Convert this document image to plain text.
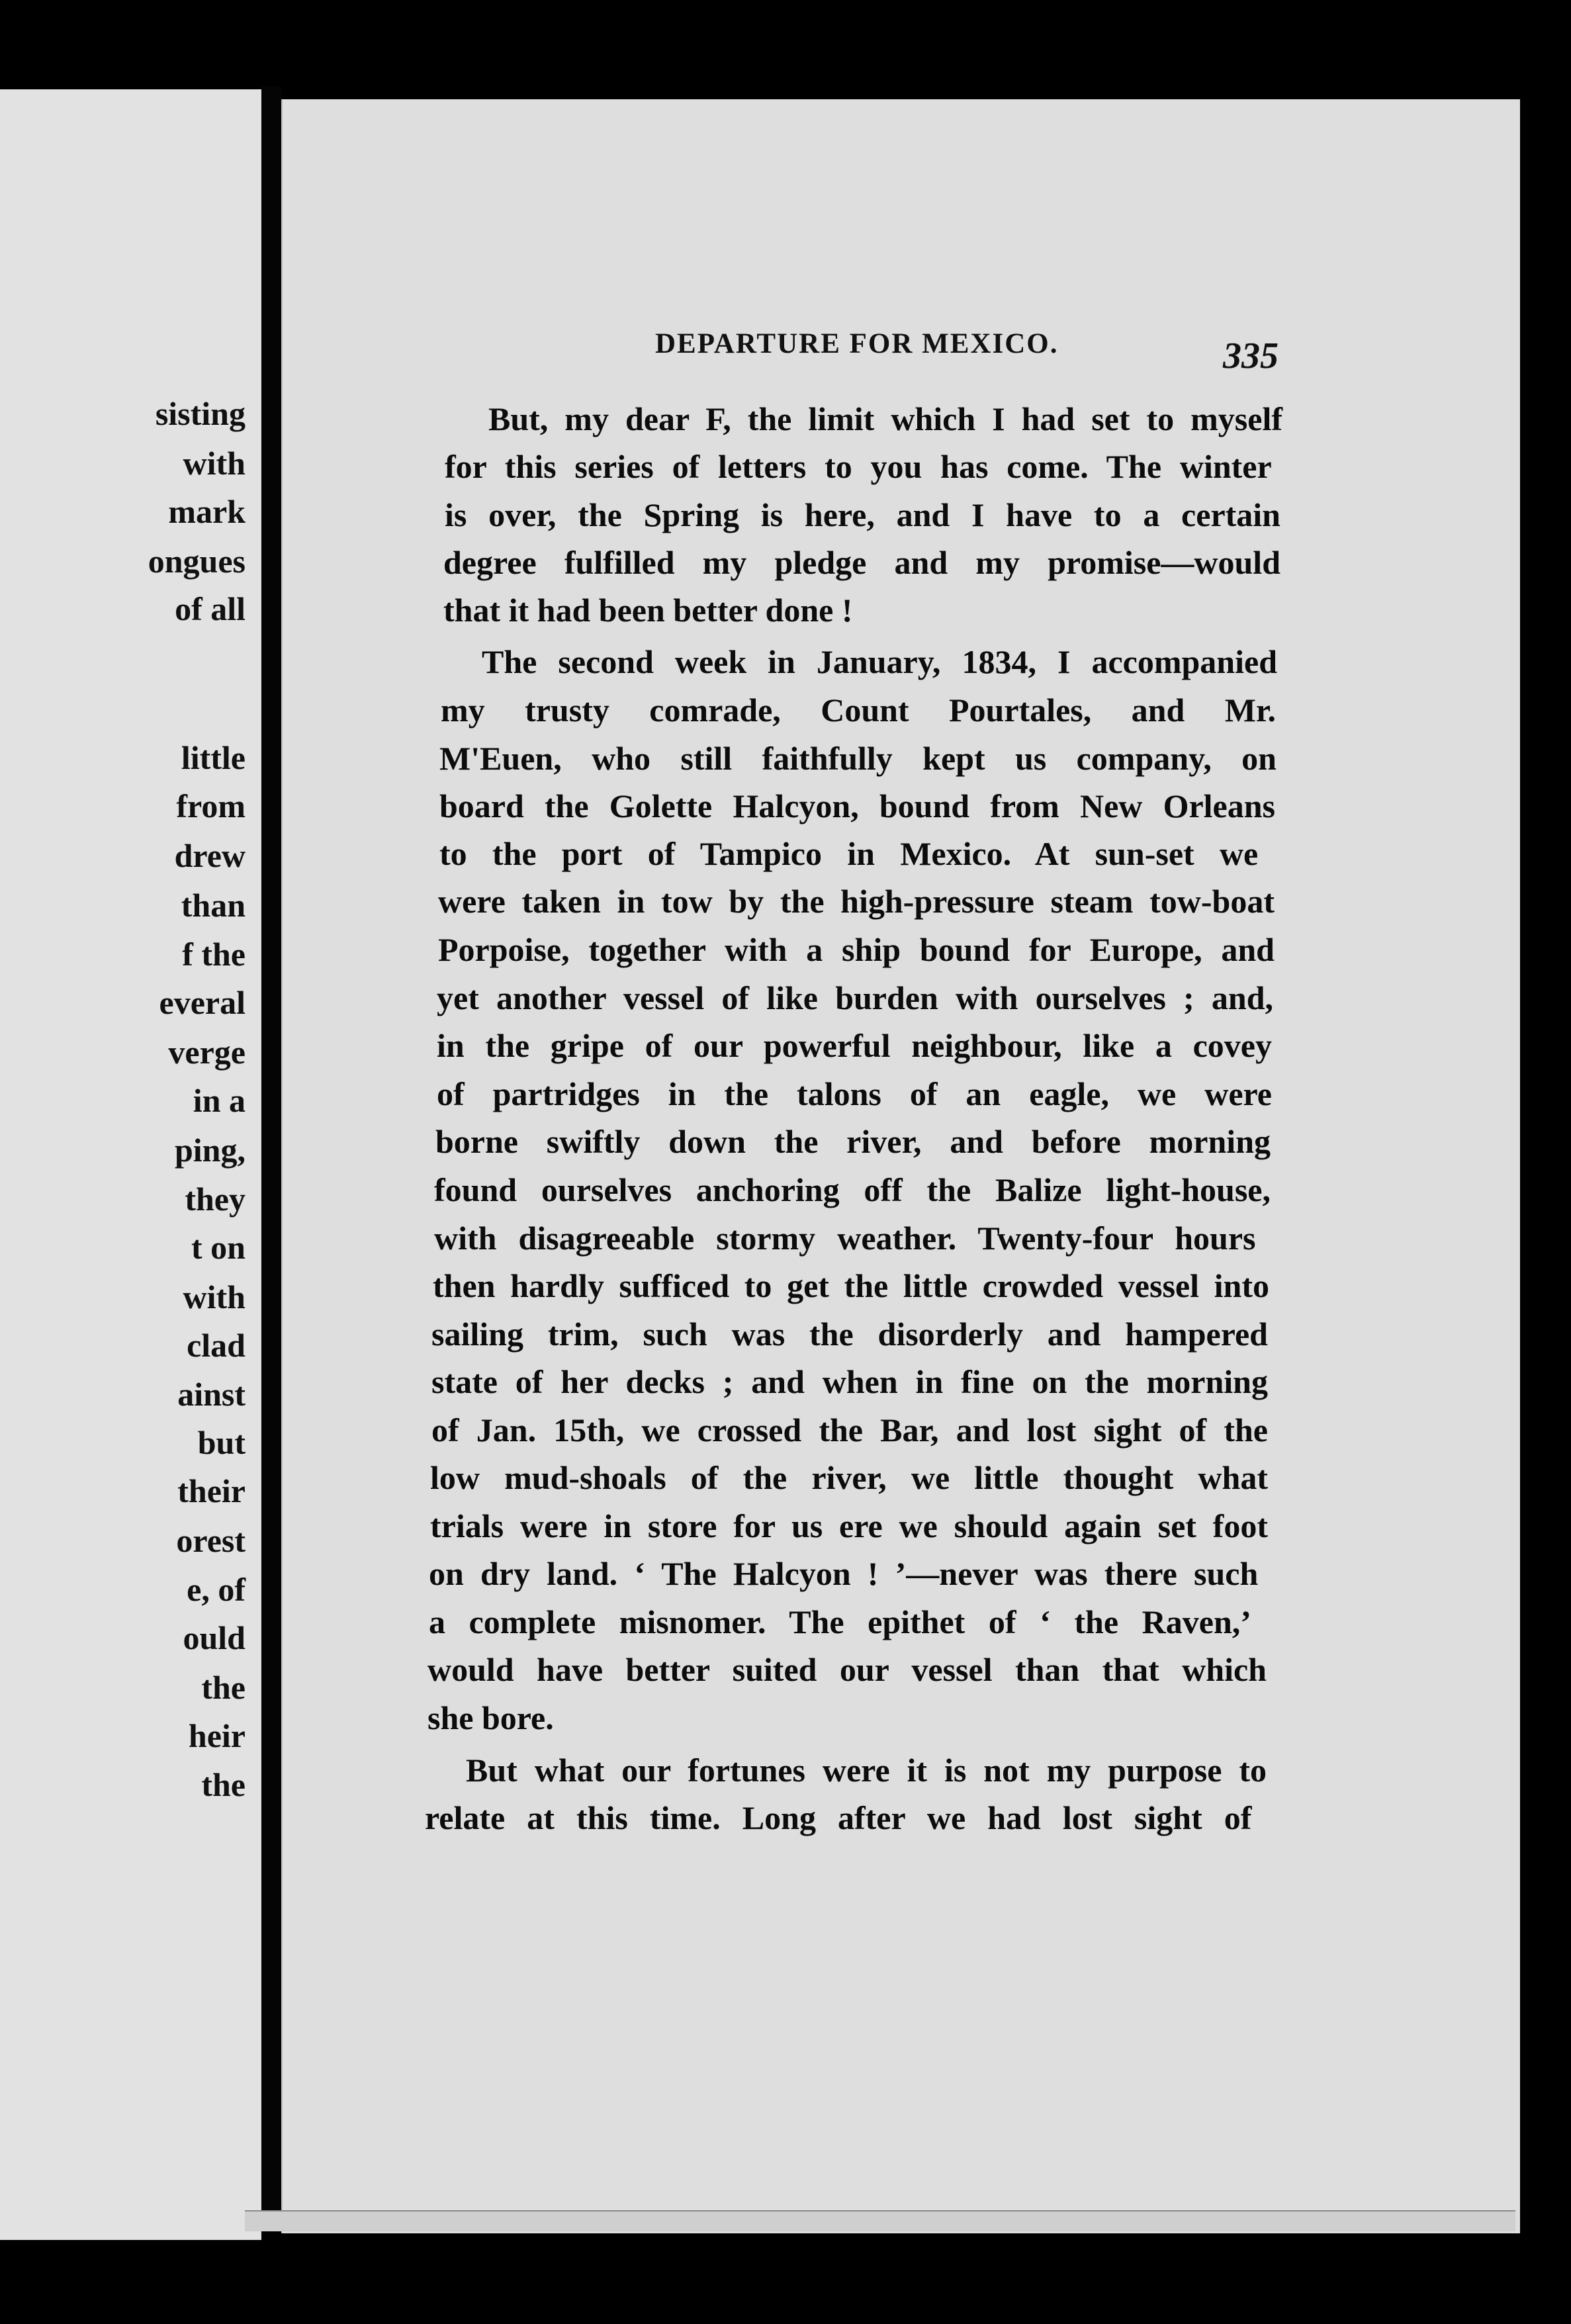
sisting
with
mark
ongues
of all
little
from
drew
than
f the
everal
verge
in a
ping,
they
t on
with
clad
ainst
but
their
orest
e, of
ould
the
heir
the
DEPARTURE FOR MEXICO.	335
But, my dear F, the limit which I had set to myself
for this series of letters to you has come. The winter
is over, the Spring is here, and I have to a certain
degree fulfilled my pledge and my promise—would
that it had been better done !
The second week in January, 1834, I accompanied
my trusty comrade, Count Pourtales, and Mr.
M'Euen, who still faithfully kept us company, on
board the Golette Halcyon, bound from New Orleans
to the port of Tampico in Mexico. At sun-set we
were taken in tow by the high-pressure steam tow-boat
Porpoise, together with a ship bound for Europe, and
yet another vessel of like burden with ourselves ; and,
in the gripe of our powerful neighbour, like a covey
of partridges in the talons of an eagle, we were
borne swiftly down the river, and before morning
found ourselves anchoring off the Balize light-house,
with disagreeable stormy weather. Twenty-four hours
then hardly sufficed to get the little crowded vessel into
sailing trim, such was the disorderly and hampered
state of her decks ; and when in fine on the morning
of Jan. 15th, we crossed the Bar, and lost sight of the
low mud-shoals of the river, we little thought what
trials were in store for us ere we should again set foot
on dry land. ‘ The Halcyon ! ’—never was there such
a complete misnomer. The epithet of ‘ the Raven,’
would have better suited our vessel than that which
she bore.
But what our fortunes were it is not my purpose to
relate at this time. Long after we had lost sight of
